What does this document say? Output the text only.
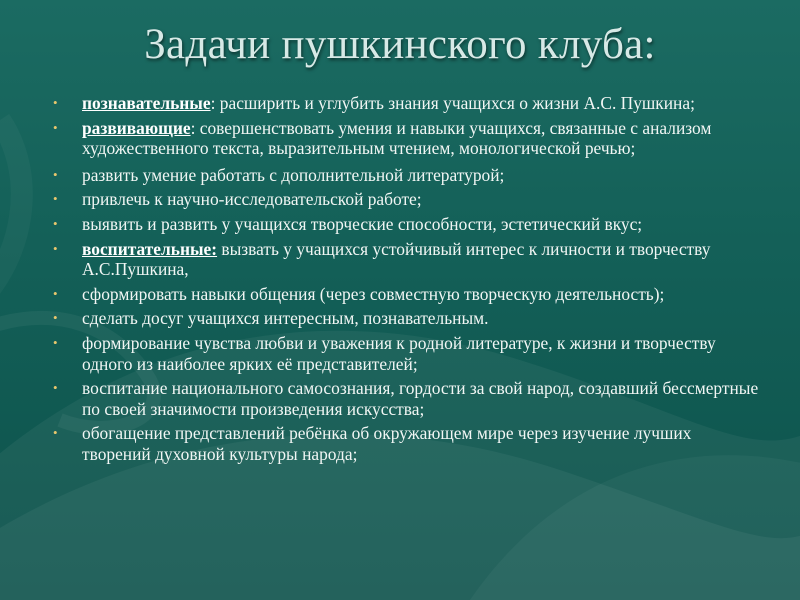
Задачи пушкинского клуба:
• познавательные: расширить и углубить знания учащихся о жизни А.С. Пушкина;
• развивающие: совершенствовать умения и навыки учащихся, связанные с анализом художественного текста, выразительным чтением, монологической речью;
• развить умение работать с дополнительной литературой;
• привлечь к научно-исследовательской работе;
• выявить и развить у учащихся творческие способности, эстетический вкус;
• воспитательные: вызвать у учащихся устойчивый интерес к личности и творчеству А.С.Пушкина,
• сформировать навыки общения (через совместную творческую деятельность);
• сделать досуг учащихся интересным, познавательным.
• формирование чувства любви и уважения к родной литературе, к жизни и творчеству одного из наиболее ярких её представителей;
• воспитание национального самосознания, гордости за свой народ, создавший бессмертные по своей значимости произведения искусства;
• обогащение представлений ребёнка об окружающем мире через изучение лучших творений духовной культуры народа;
